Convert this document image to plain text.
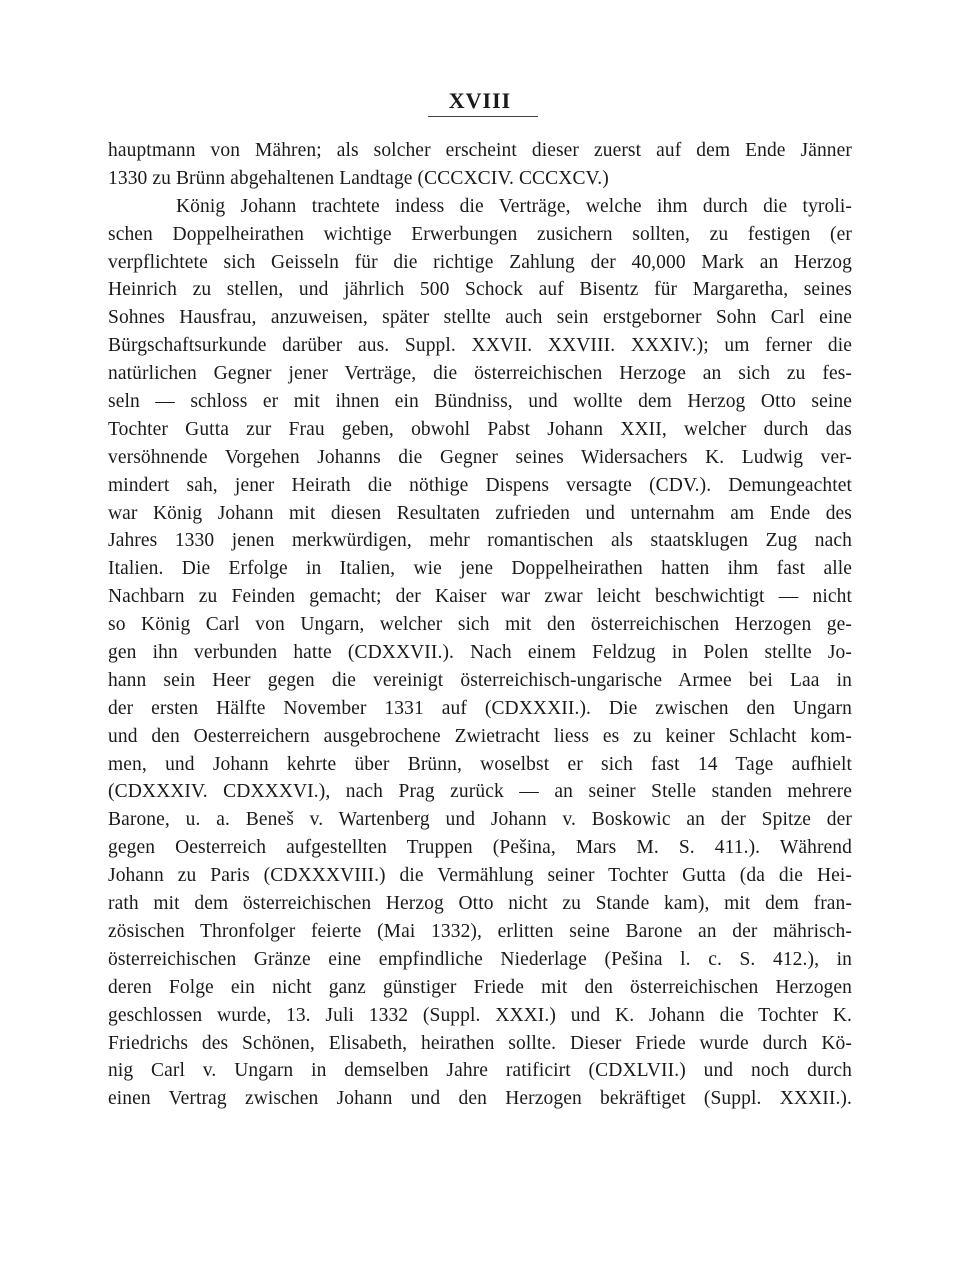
XVIII
hauptmann von Mähren; als solcher erscheint dieser zuerst auf dem Ende Jänner
1330 zu Brünn abgehaltenen Landtage (CCCXCIV. CCCXCV.)
König Johann trachtete indess die Verträge, welche ihm durch die tyroli-
schen Doppelheirathen wichtige Erwerbungen zusichern sollten, zu festigen (er
verpflichtete sich Geisseln für die richtige Zahlung der 40,000 Mark an Herzog
Heinrich zu stellen, und jährlich 500 Schock auf Bisentz für Margaretha, seines
Sohnes Hausfrau, anzuweisen, später stellte auch sein erstgeborner Sohn Carl eine
Bürgschaftsurkunde darüber aus. Suppl. XXVII. XXVIII. XXXIV.); um ferner die
natürlichen Gegner jener Verträge, die österreichischen Herzoge an sich zu fes-
seln — schloss er mit ihnen ein Bündniss, und wollte dem Herzog Otto seine
Tochter Gutta zur Frau geben, obwohl Pabst Johann XXII, welcher durch das
versöhnende Vorgehen Johanns die Gegner seines Widersachers K. Ludwig ver-
mindert sah, jener Heirath die nöthige Dispens versagte (CDV.). Demungeachtet
war König Johann mit diesen Resultaten zufrieden und unternahm am Ende des
Jahres 1330 jenen merkwürdigen, mehr romantischen als staatsklugen Zug nach
Italien. Die Erfolge in Italien, wie jene Doppelheirathen hatten ihm fast alle
Nachbarn zu Feinden gemacht; der Kaiser war zwar leicht beschwichtigt — nicht
so König Carl von Ungarn, welcher sich mit den österreichischen Herzogen ge-
gen ihn verbunden hatte (CDXXVII.). Nach einem Feldzug in Polen stellte Jo-
hann sein Heer gegen die vereinigt österreichisch-ungarische Armee bei Laa in
der ersten Hälfte November 1331 auf (CDXXXII.). Die zwischen den Ungarn
und den Oesterreichern ausgebrochene Zwietracht liess es zu keiner Schlacht kom-
men, und Johann kehrte über Brünn, woselbst er sich fast 14 Tage aufhielt
(CDXXXIV. CDXXXVI.), nach Prag zurück — an seiner Stelle standen mehrere
Barone, u. a. Beneš v. Wartenberg und Johann v. Boskowic an der Spitze der
gegen Oesterreich aufgestellten Truppen (Pešina, Mars M. S. 411.). Während
Johann zu Paris (CDXXXVIII.) die Vermählung seiner Tochter Gutta (da die Hei-
rath mit dem österreichischen Herzog Otto nicht zu Stande kam), mit dem fran-
zösischen Thronfolger feierte (Mai 1332), erlitten seine Barone an der mährisch-
österreichischen Gränze eine empfindliche Niederlage (Pešina l. c. S. 412.), in
deren Folge ein nicht ganz günstiger Friede mit den österreichischen Herzogen
geschlossen wurde, 13. Juli 1332 (Suppl. XXXI.) und K. Johann die Tochter K.
Friedrichs des Schönen, Elisabeth, heirathen sollte. Dieser Friede wurde durch Kö-
nig Carl v. Ungarn in demselben Jahre ratificirt (CDXLVII.) und noch durch
einen Vertrag zwischen Johann und den Herzogen bekräftiget (Suppl. XXXII.).
